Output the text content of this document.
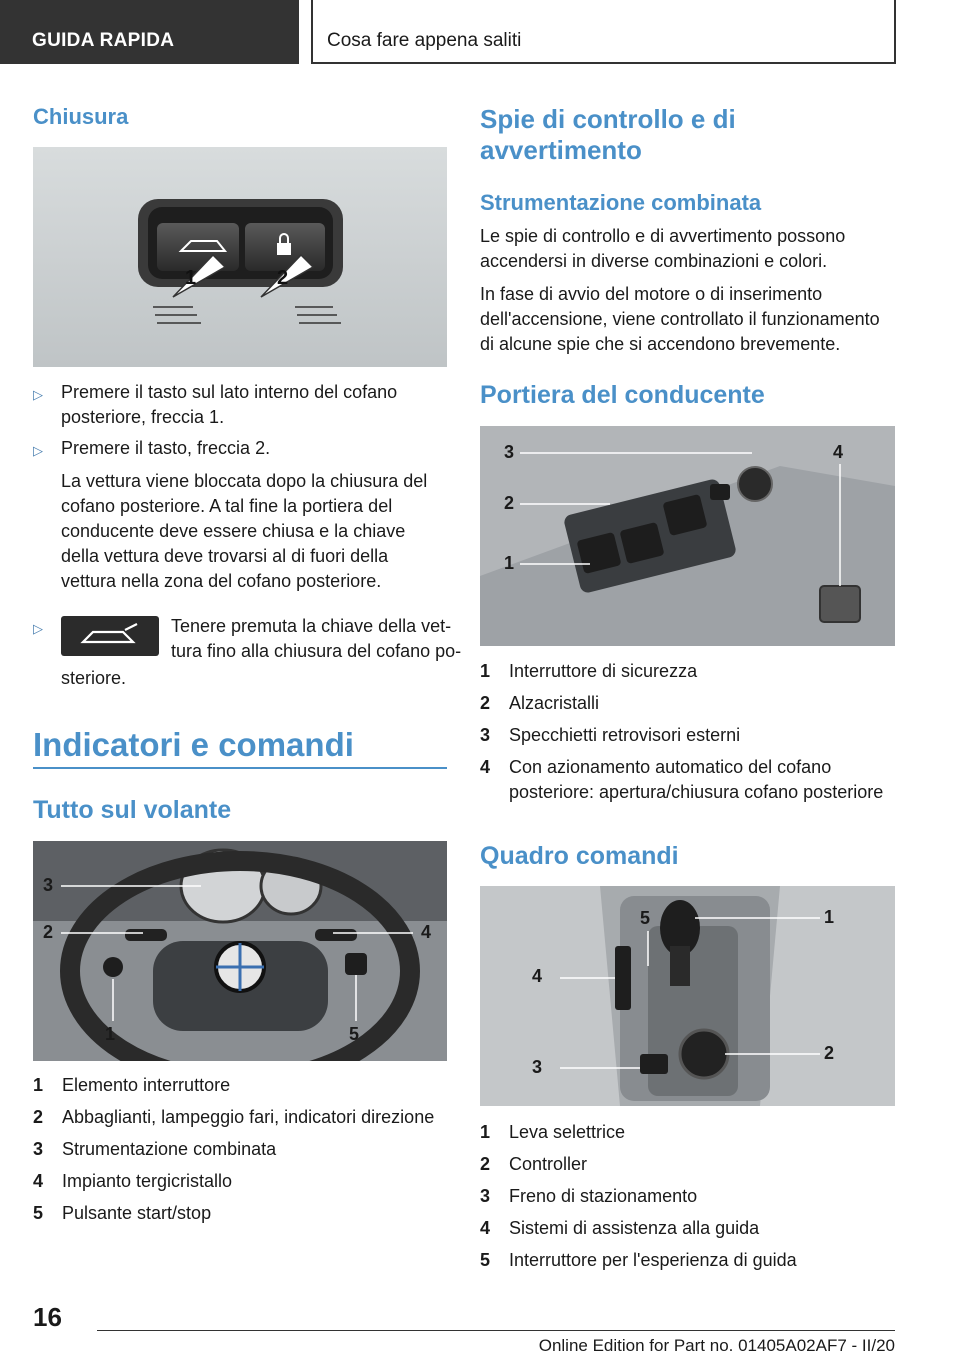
GUIDA RAPIDA	Cosa fare appena saliti
Chiusura
1	2
▷ Premere il tasto sul lato interno del cofano posteriore, freccia 1.
▷ Premere il tasto, freccia 2.
La vettura viene bloccata dopo la chiusura del cofano posteriore. A tal fine la portiera del conducente deve essere chiusa e la chiave della vettura deve trovarsi al di fuori della vettura nella zona del cofano posteriore.
▷	Tenere premuta la chiave della vet-
tura fino alla chiusura del cofano po-
steriore.
Indicatori e comandi
Tutto sul volante
3
2	4
1	5
1 Elemento interruttore
2 Abbaglianti, lampeggio fari, indicatori direzione
3 Strumentazione combinata
4 Impianto tergicristallo
5 Pulsante start/stop
Spie di controllo e di
avvertimento
Strumentazione combinata
Le spie di controllo e di avvertimento possono accendersi in diverse combinazioni e colori.
In fase di avvio del motore o di inserimento dell'accensione, viene controllato il funzionamento di alcune spie che si accendono brevemente.
Portiera del conducente
3	4
2
1
1 Interruttore di sicurezza
2 Alzacristalli
3 Specchietti retrovisori esterni
4 Con azionamento automatico del cofano posteriore: apertura/chiusura cofano posteriore
Quadro comandi
5	1
4
2
3
1 Leva selettrice
2 Controller
3 Freno di stazionamento
4 Sistemi di assistenza alla guida
5 Interruttore per l'esperienza di guida
16
Online Edition for Part no. 01405A02AF7 - II/20
